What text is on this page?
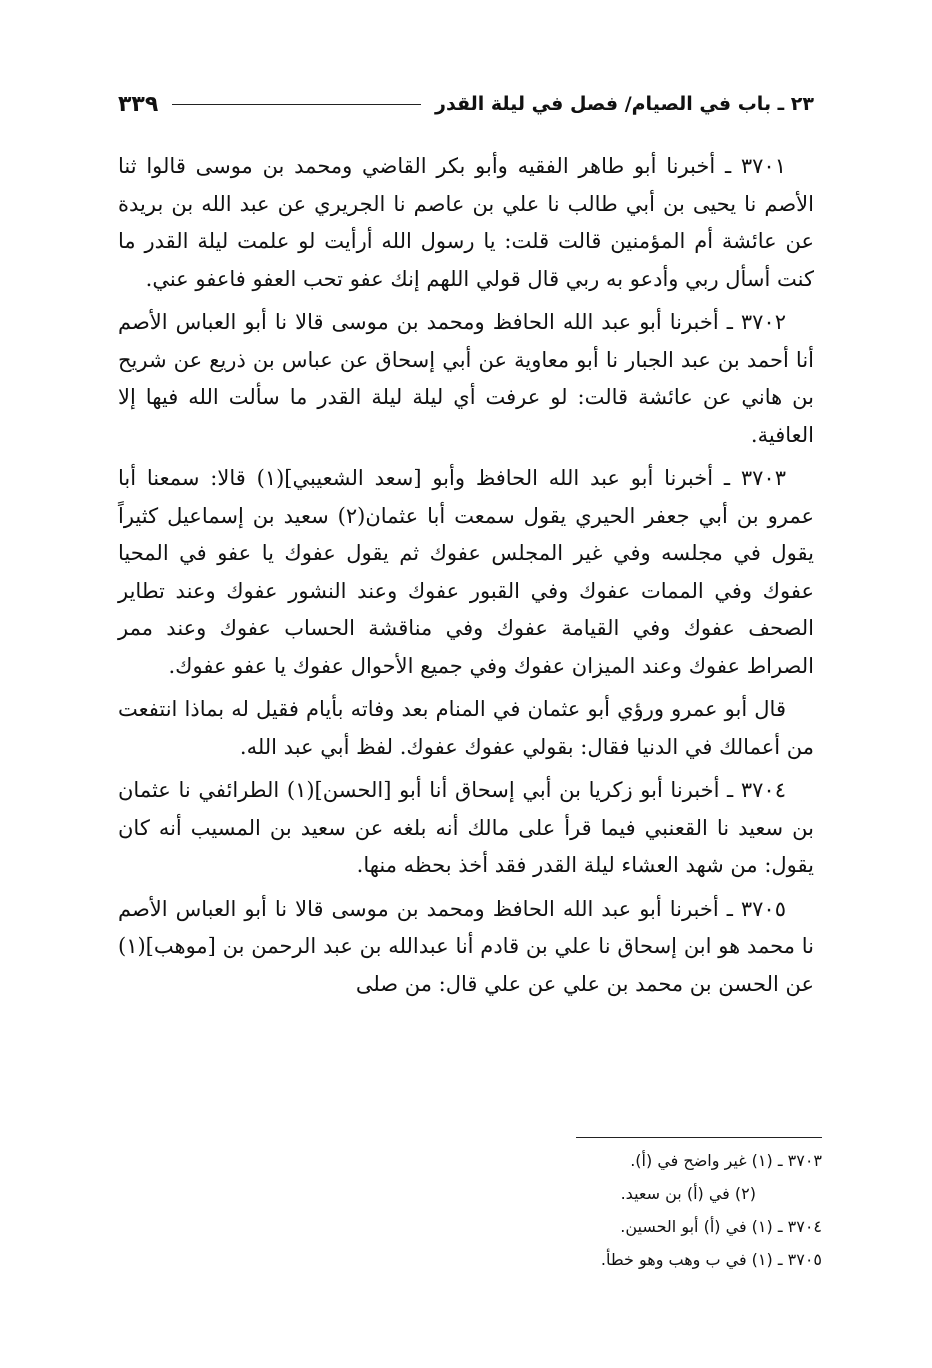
٢٣ ـ باب في الصيام/ فصل في ليلة القدر
٣٣٩

٣٧٠١ ـ أخبرنا أبو طاهر الفقيه وأبو بكر القاضي ومحمد بن موسى قالوا ثنا الأصم نا يحيى بن أبي طالب نا علي بن عاصم نا الجريري عن عبد الله بن بريدة عن عائشة أم المؤمنين قالت قلت: يا رسول الله أرأيت لو علمت ليلة القدر ما كنت أسأل ربي وأدعو به ربي قال قولي اللهم إنك عفو تحب العفو فاعفو عني.

٣٧٠٢ ـ أخبرنا أبو عبد الله الحافظ ومحمد بن موسى قالا نا أبو العباس الأصم أنا أحمد بن عبد الجبار نا أبو معاوية عن أبي إسحاق عن عباس بن ذريع عن شريح بن هاني عن عائشة قالت: لو عرفت أي ليلة ليلة القدر ما سألت الله فيها إلا العافية.

٣٧٠٣ ـ أخبرنا أبو عبد الله الحافظ وأبو [سعد الشعيبي](١) قالا: سمعنا أبا عمرو بن أبي جعفر الحيري يقول سمعت أبا عثمان(٢) سعيد بن إسماعيل كثيراً يقول في مجلسه وفي غير المجلس عفوك ثم يقول عفوك يا عفو في المحيا عفوك وفي الممات عفوك وفي القبور عفوك وعند النشور عفوك وعند تطاير الصحف عفوك وفي القيامة عفوك وفي مناقشة الحساب عفوك وعند ممر الصراط عفوك وعند الميزان عفوك وفي جميع الأحوال عفوك يا عفو عفوك.

قال أبو عمرو ورؤي أبو عثمان في المنام بعد وفاته بأيام فقيل له بماذا انتفعت من أعمالك في الدنيا فقال: بقولي عفوك عفوك. لفظ أبي عبد الله.

٣٧٠٤ ـ أخبرنا أبو زكريا بن أبي إسحاق أنا أبو [الحسن](١) الطرائفي نا عثمان بن سعيد نا القعنبي فيما قرأ على مالك أنه بلغه عن سعيد بن المسيب أنه كان يقول: من شهد العشاء ليلة القدر فقد أخذ بحظه منها.

٣٧٠٥ ـ أخبرنا أبو عبد الله الحافظ ومحمد بن موسى قالا نا أبو العباس الأصم نا محمد هو ابن إسحاق نا علي بن قادم أنا عبدالله بن عبد الرحمن بن [موهب](١) عن الحسن بن محمد بن علي عن علي قال: من صلى

٣٧٠٣ ـ (١) غير واضح في (أ).
(٢) في (أ) بن سعيد.
٣٧٠٤ ـ (١) في (أ) أبو الحسين.
٣٧٠٥ ـ (١) في ب وهب وهو خطأ.
